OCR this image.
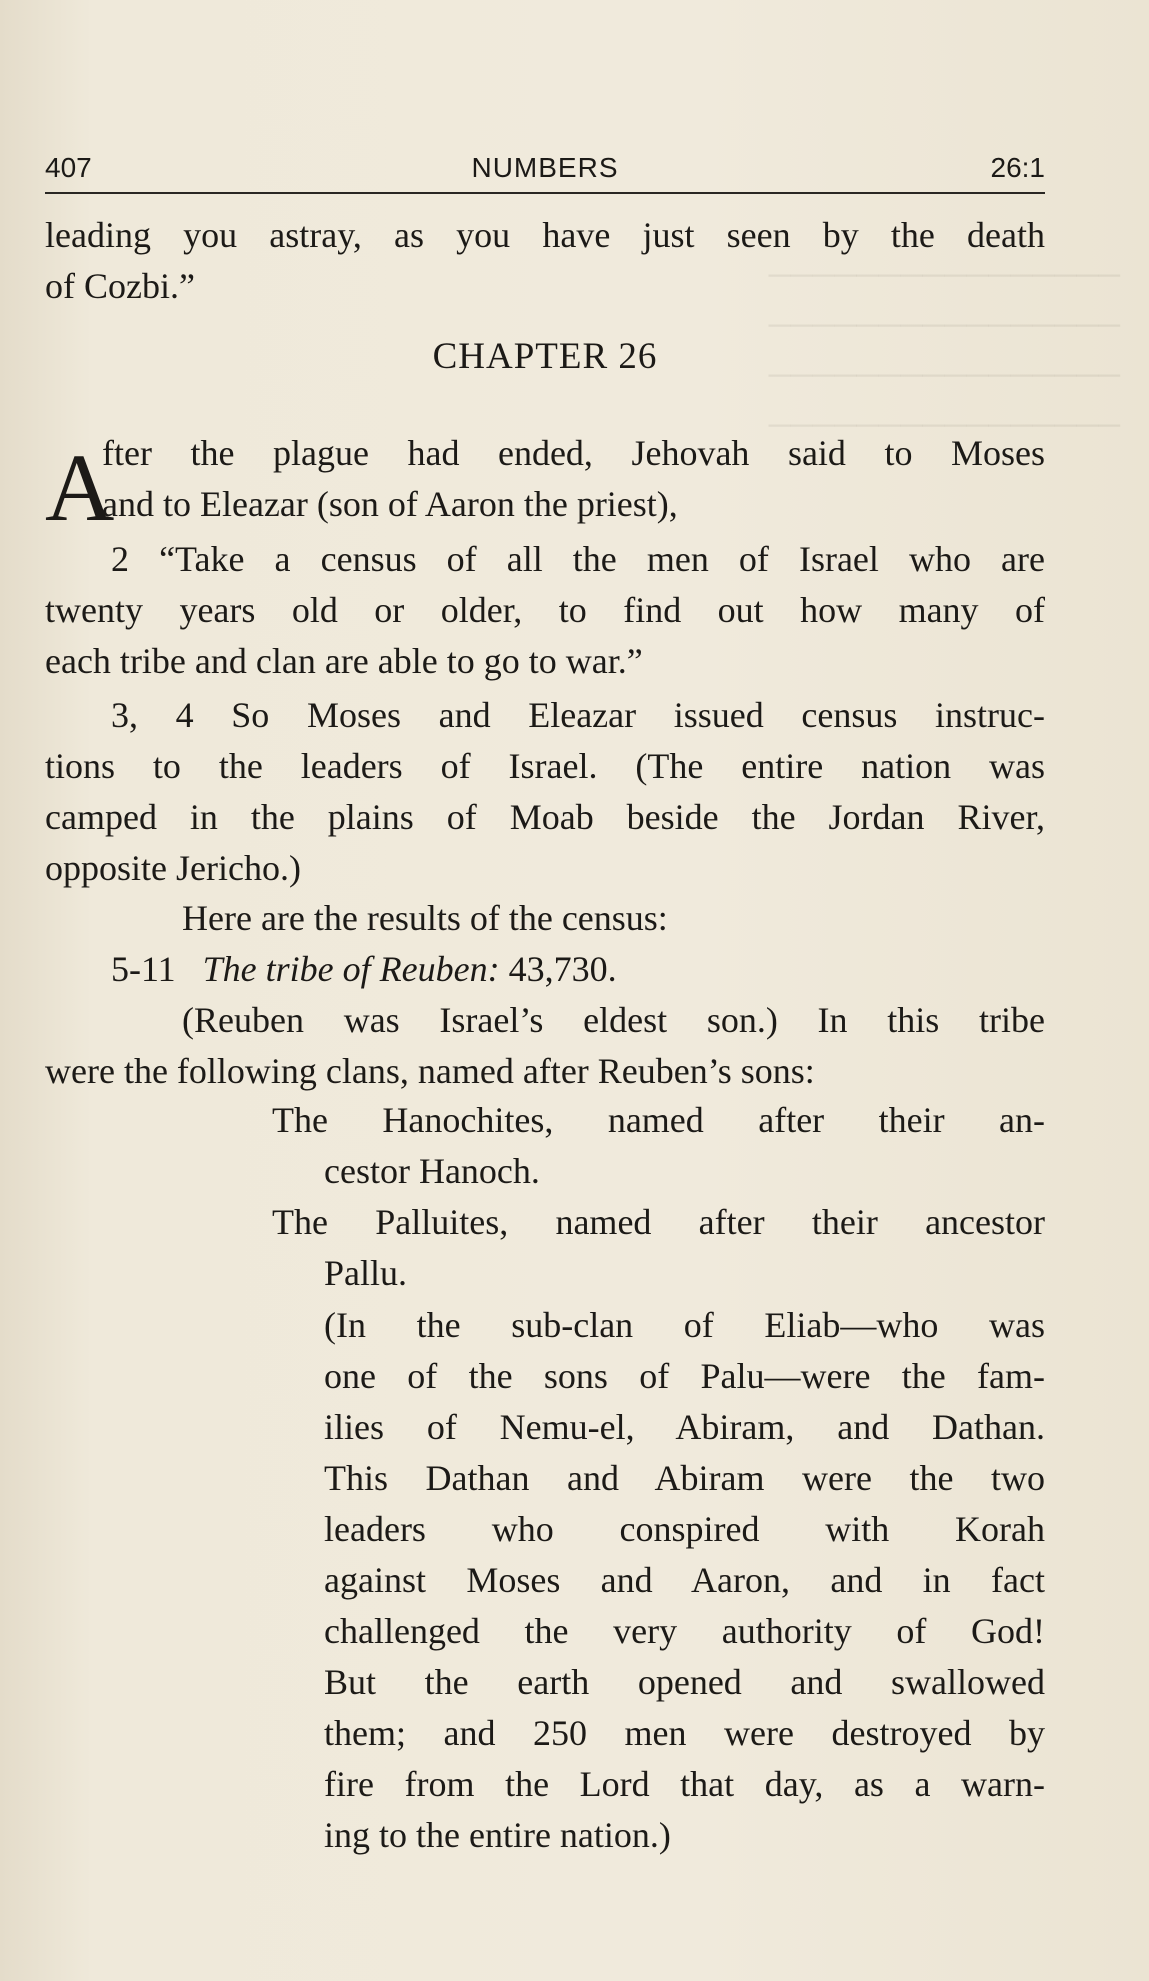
────────────────
────────────────
────────────────
────────────────
NUMBERS
407	26:1
leading you astray, as you have just seen by the death
of Cozbi.”
CHAPTER 26
A
fter the plague had ended, Jehovah said to Moses
and to Eleazar (son of Aaron the priest),
2 “Take a census of all the men of Israel who are
twenty years old or older, to find out how many of
each tribe and clan are able to go to war.”
3, 4 So Moses and Eleazar issued census instruc-
tions to the leaders of Israel. (The entire nation was
camped in the plains of Moab beside the Jordan River,
opposite Jericho.)
Here are the results of the census:
5-11 The tribe of Reuben: 43,730.
(Reuben was Israel’s eldest son.) In this tribe
were the following clans, named after Reuben’s sons:
The Hanochites, named after their an-
cestor Hanoch.
The Palluites, named after their ancestor
Pallu.
(In the sub-clan of Eliab—who was
one of the sons of Palu—were the fam-
ilies of Nemu-el, Abiram, and Dathan.
This Dathan and Abiram were the two
leaders who conspired with Korah
against Moses and Aaron, and in fact
challenged the very authority of God!
But the earth opened and swallowed
them; and 250 men were destroyed by
fire from the Lord that day, as a warn-
ing to the entire nation.)
